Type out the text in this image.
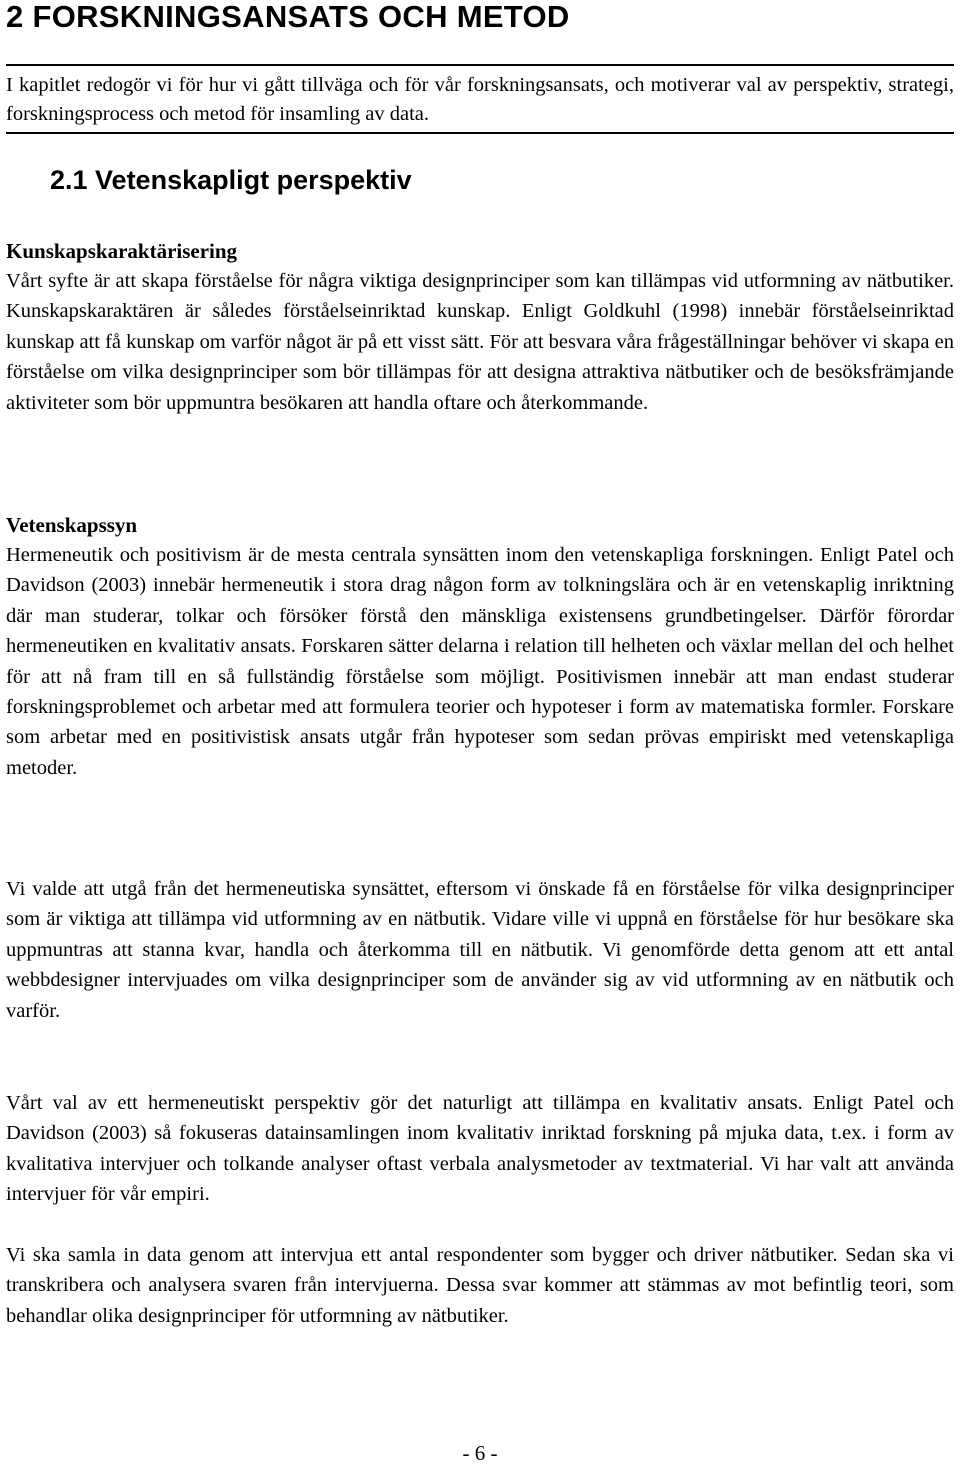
2 FORSKNINGSANSATS OCH METOD

I kapitlet redogör vi för hur vi gått tillväga och för vår forskningsansats, och motiverar val av perspektiv, strategi, forskningsprocess och metod för insamling av data.

2.1 Vetenskapligt perspektiv
Kunskapskaraktärisering

Vårt syfte är att skapa förståelse för några viktiga designprinciper som kan tillämpas vid utformning av nätbutiker. Kunskapskaraktären är således förståelseinriktad kunskap. Enligt Goldkuhl (1998) innebär förståelseinriktad kunskap att få kunskap om varför något är på ett visst sätt. För att besvara våra frågeställningar behöver vi skapa en förståelse om vilka designprinciper som bör tillämpas för att designa attraktiva nätbutiker och de besöksfrämjande aktiviteter som bör uppmuntra besökaren att handla oftare och återkommande.

Vetenskapssyn

Hermeneutik och positivism är de mesta centrala synsätten inom den vetenskapliga forskningen. Enligt Patel och Davidson (2003) innebär hermeneutik i stora drag någon form av tolkningslära och är en vetenskaplig inriktning där man studerar, tolkar och försöker förstå den mänskliga existensens grundbetingelser. Därför förordar hermeneutiken en kvalitativ ansats. Forskaren sätter delarna i relation till helheten och växlar mellan del och helhet för att nå fram till en så fullständig förståelse som möjligt. Positivismen innebär att man endast studerar forskningsproblemet och arbetar med att formulera teorier och hypoteser i form av matematiska formler. Forskare som arbetar med en positivistisk ansats utgår från hypoteser som sedan prövas empiriskt med vetenskapliga metoder.

Vi valde att utgå från det hermeneutiska synsättet, eftersom vi önskade få en förståelse för vilka designprinciper som är viktiga att tillämpa vid utformning av en nätbutik. Vidare ville vi uppnå en förståelse för hur besökare ska uppmuntras att stanna kvar, handla och återkomma till en nätbutik. Vi genomförde detta genom att ett antal webbdesigner intervjuades om vilka designprinciper som de använder sig av vid utformning av en nätbutik och varför.

Vårt val av ett hermeneutiskt perspektiv gör det naturligt att tillämpa en kvalitativ ansats. Enligt Patel och Davidson (2003) så fokuseras datainsamlingen inom kvalitativ inriktad forskning på mjuka data, t.ex. i form av kvalitativa intervjuer och tolkande analyser oftast verbala analysmetoder av textmaterial. Vi har valt att använda intervjuer för vår empiri.

Vi ska samla in data genom att intervjua ett antal respondenter som bygger och driver nätbutiker. Sedan ska vi transkribera och analysera svaren från intervjuerna. Dessa svar kommer att stämmas av mot befintlig teori, som behandlar olika designprinciper för utformning av nätbutiker.

- 6 -
